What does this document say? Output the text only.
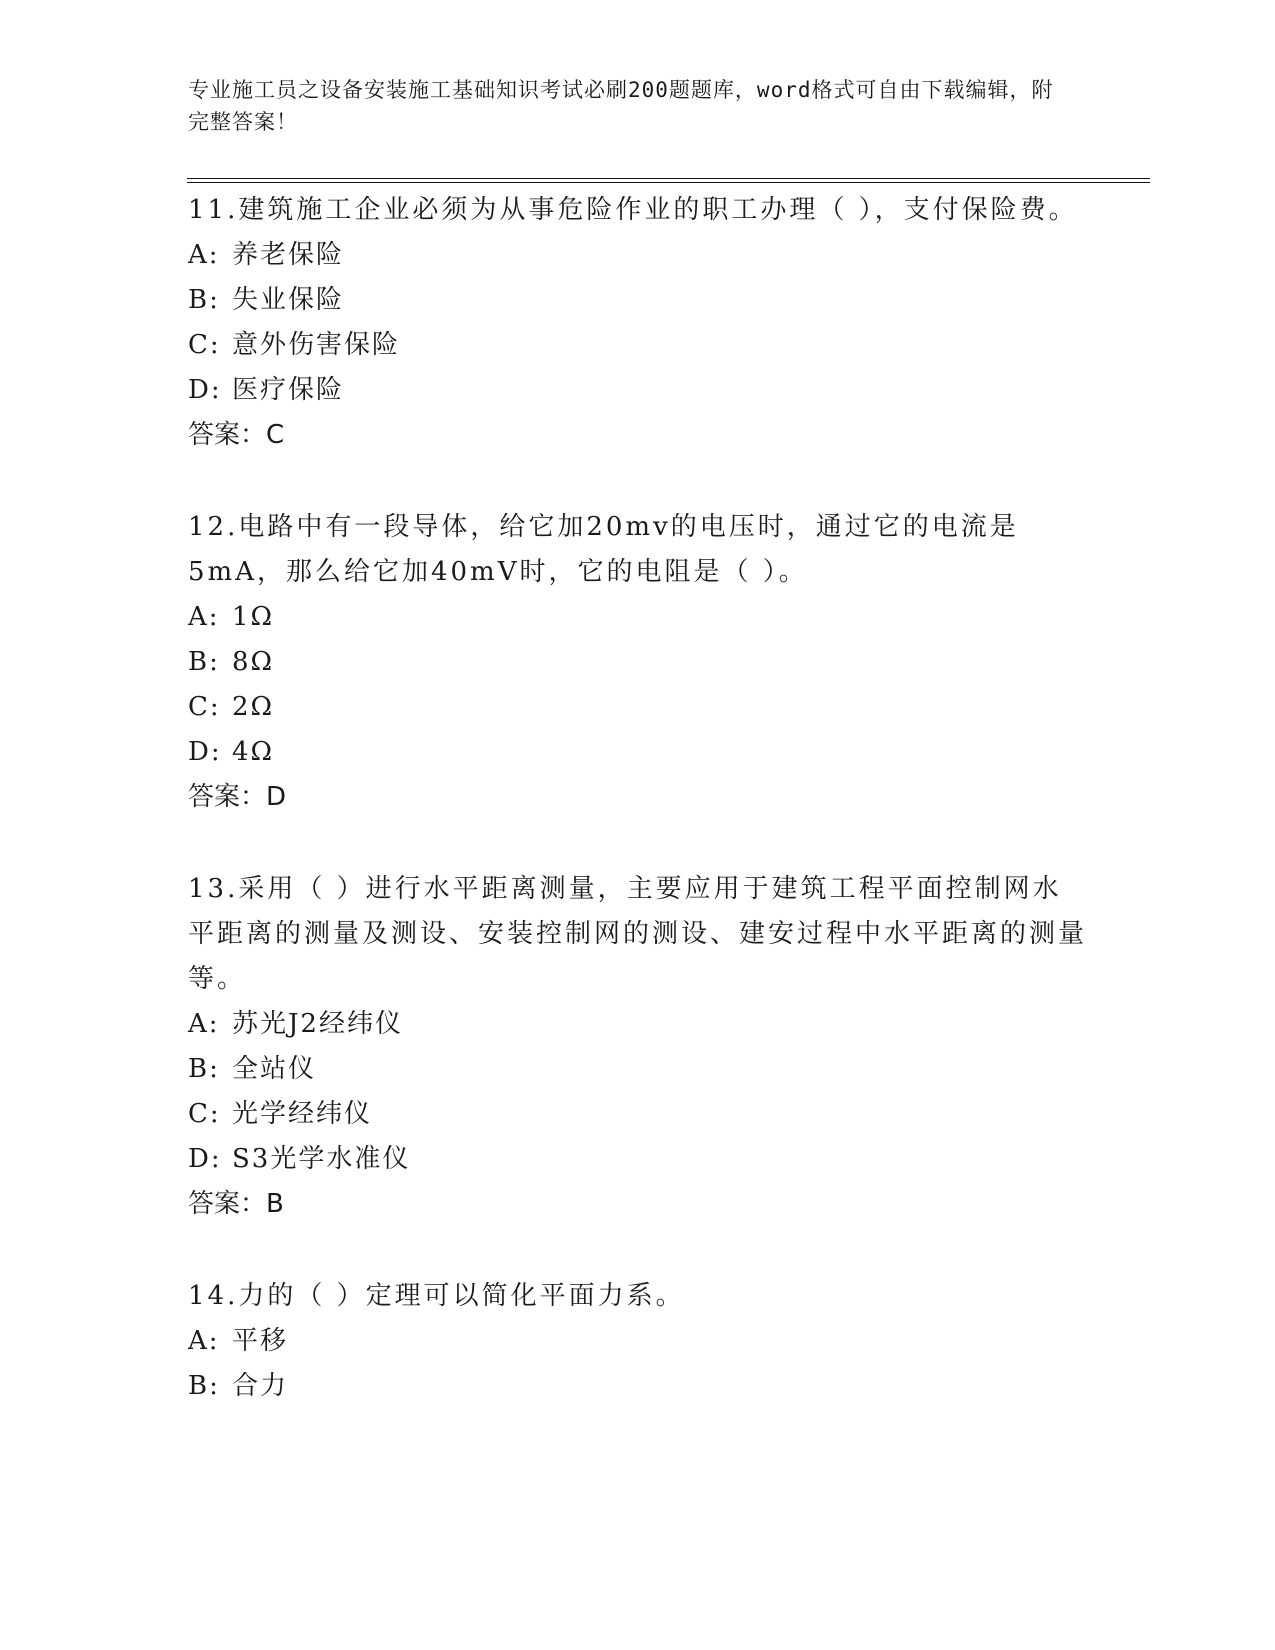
专业施工员之设备安装施工基础知识考试必刷200题题库，word格式可自由下载编辑，附完整答案！
11.建筑施工企业必须为从事危险作业的职工办理（ ），支付保险费。
A: 养老保险
B: 失业保险
C: 意外伤害保险
D: 医疗保险
答案：C
12.电路中有一段导体，给它加20mv的电压时，通过它的电流是5mA，那么给它加40mV时，它的电阻是（ ）。
A: 1Ω
B: 8Ω
C: 2Ω
D: 4Ω
答案：D
13.采用（ ）进行水平距离测量，主要应用于建筑工程平面控制网水平距离的测量及测设、安装控制网的测设、建安过程中水平距离的测量等。
A: 苏光J2经纬仪
B: 全站仪
C: 光学经纬仪
D: S3光学水准仪
答案：B
14.力的（ ）定理可以简化平面力系。
A: 平移
B: 合力
